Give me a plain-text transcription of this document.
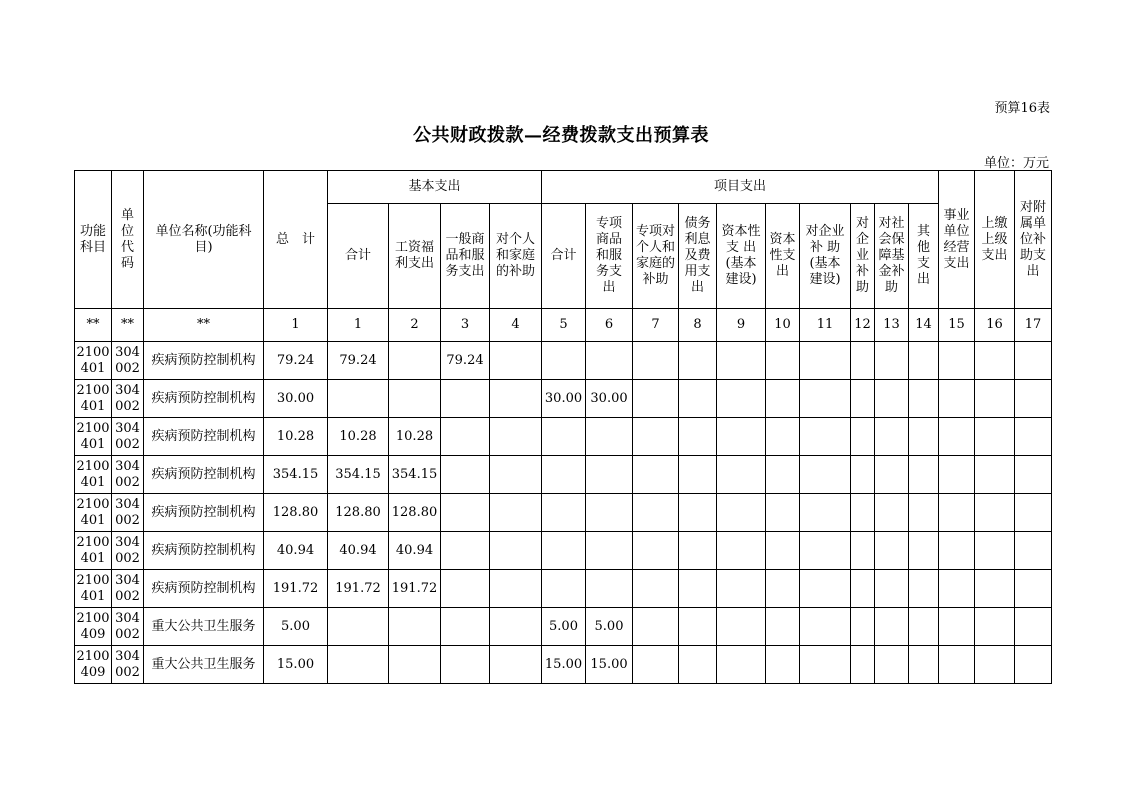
预算16表
公共财政拨款—经费拨款支出预算表
单位：万元
功能
科目	单
位
代
码	单位名称(功能科
目)	总　计	基本支出				项目支出										事业
单位
经营
支出	上缴
上级
支出	对附
属单
位补
助支
出
				合计	工资福
利支出	一般商
品和服
务支出	对个人
和家庭
的补助	合计	专项
商品
和服
务支
出	专项对
个人和
家庭的
补助	债务
利息
及费
用支
出	资本性
支 出
(基本
建设)	资本
性支
出	对企业
补 助
(基本
建设)	对
企
业
补
助	对社
会保
障基
金补
助	其
他
支
出			
**	**	**	1	1	2	3	4	5	6	7	8	9	10	11	12	13	14	15	16	17
2100
401	304
002	疾病预防控制机构	79.24	79.24		79.24														
2100
401	304
002	疾病预防控制机构	30.00					30.00	30.00											
2100
401	304
002	疾病预防控制机构	10.28	10.28	10.28															
2100
401	304
002	疾病预防控制机构	354.15	354.15	354.15															
2100
401	304
002	疾病预防控制机构	128.80	128.80	128.80															
2100
401	304
002	疾病预防控制机构	40.94	40.94	40.94															
2100
401	304
002	疾病预防控制机构	191.72	191.72	191.72															
2100
409	304
002	重大公共卫生服务	5.00					5.00	5.00											
2100
409	304
002	重大公共卫生服务	15.00					15.00	15.00											
